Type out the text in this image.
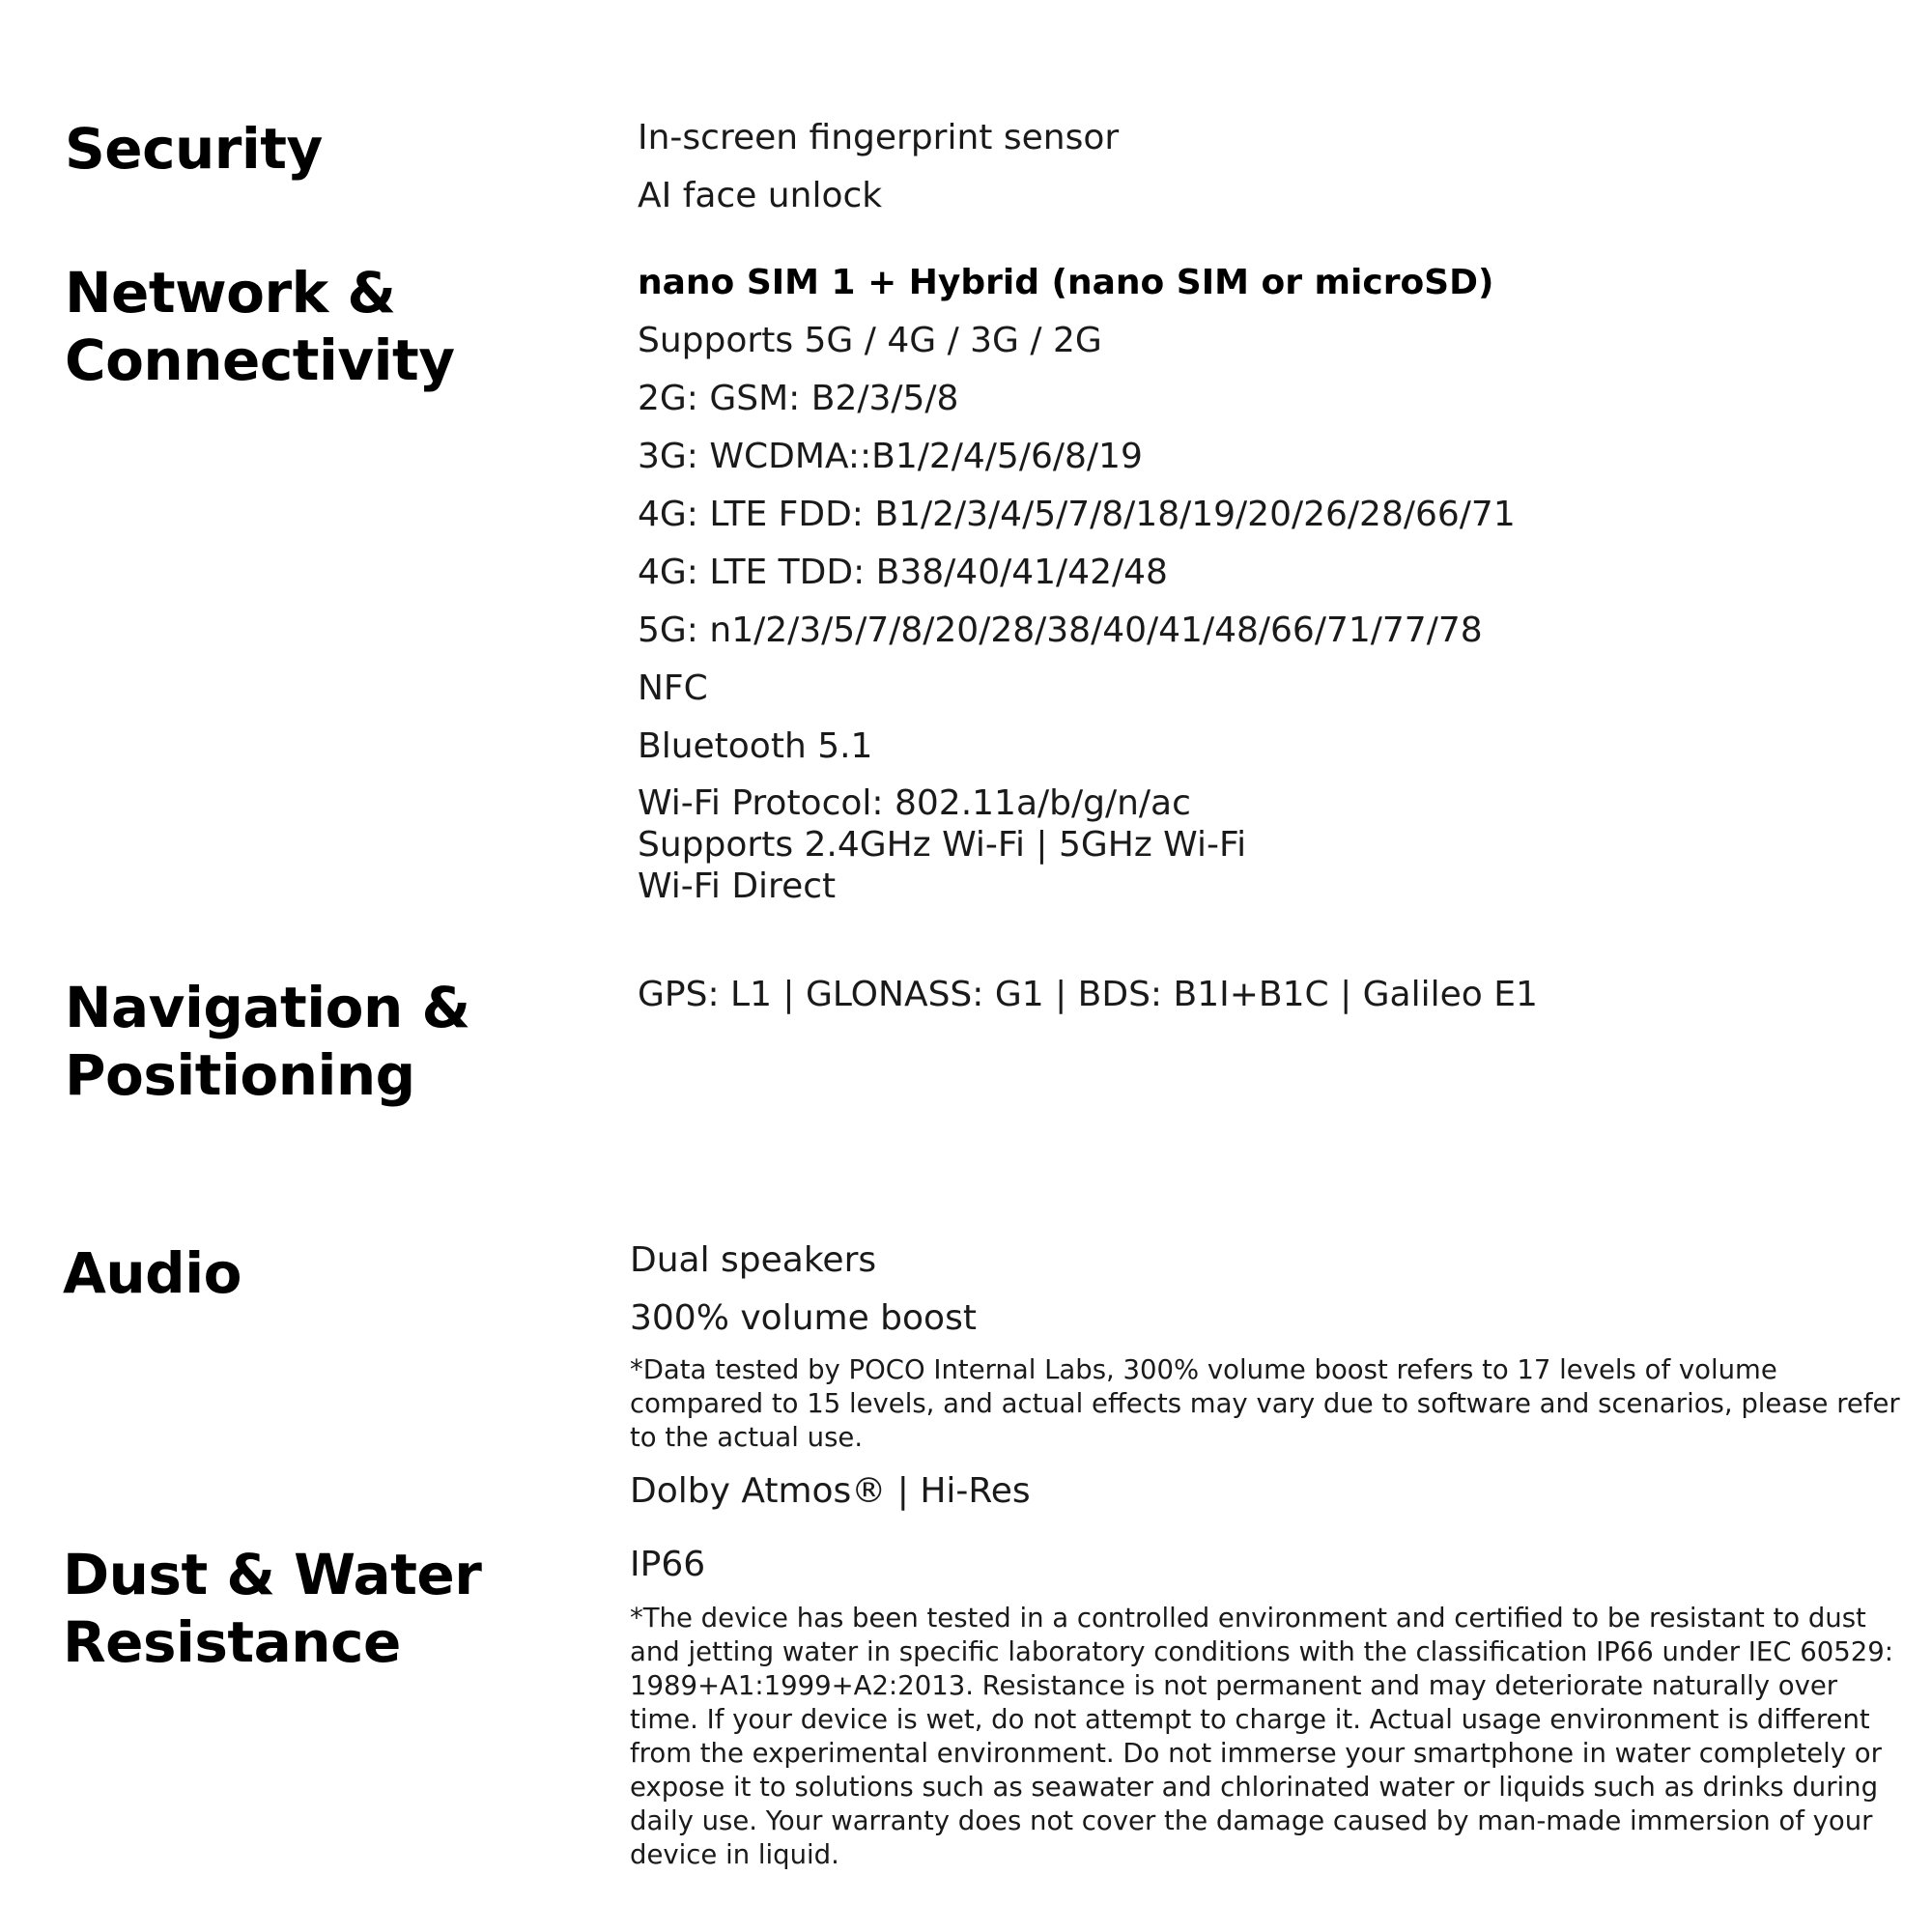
Security	In-screen fingerprint sensor
AI face unlock
Network &
Connectivity
nano SIM 1 + Hybrid (nano SIM or microSD)
Supports 5G / 4G / 3G / 2G
2G: GSM: B2/3/5/8
3G: WCDMA::B1/2/4/5/6/8/19
4G: LTE FDD: B1/2/3/4/5/7/8/18/19/20/26/28/66/71
4G: LTE TDD: B38/40/41/42/48
5G: n1/2/3/5/7/8/20/28/38/40/41/48/66/71/77/78
NFC
Bluetooth 5.1
Wi-Fi Protocol: 802.11a/b/g/n/ac
Supports 2.4GHz Wi-Fi | 5GHz Wi-Fi
Wi-Fi Direct
Navigation &
Positioning
GPS: L1 | GLONASS: G1 | BDS: B1I+B1C | Galileo E1
Audio	Dual speakers
300% volume boost
*Data tested by POCO Internal Labs, 300% volume boost refers to 17 levels of volume compared to 15 levels, and actual effects may vary due to software and scenarios, please refer to the actual use.
Dolby Atmos® | Hi-Res
Dust & Water
Resistance
IP66
*The device has been tested in a controlled environment and certified to be resistant to dust and jetting water in specific laboratory conditions with the classification IP66 under IEC 60529: 1989+A1:1999+A2:2013. Resistance is not permanent and may deteriorate naturally over time. If your device is wet, do not attempt to charge it. Actual usage environment is different from the experimental environment. Do not immerse your smartphone in water completely or expose it to solutions such as seawater and chlorinated water or liquids such as drinks during daily use. Your warranty does not cover the damage caused by man-made immersion of your device in liquid.
